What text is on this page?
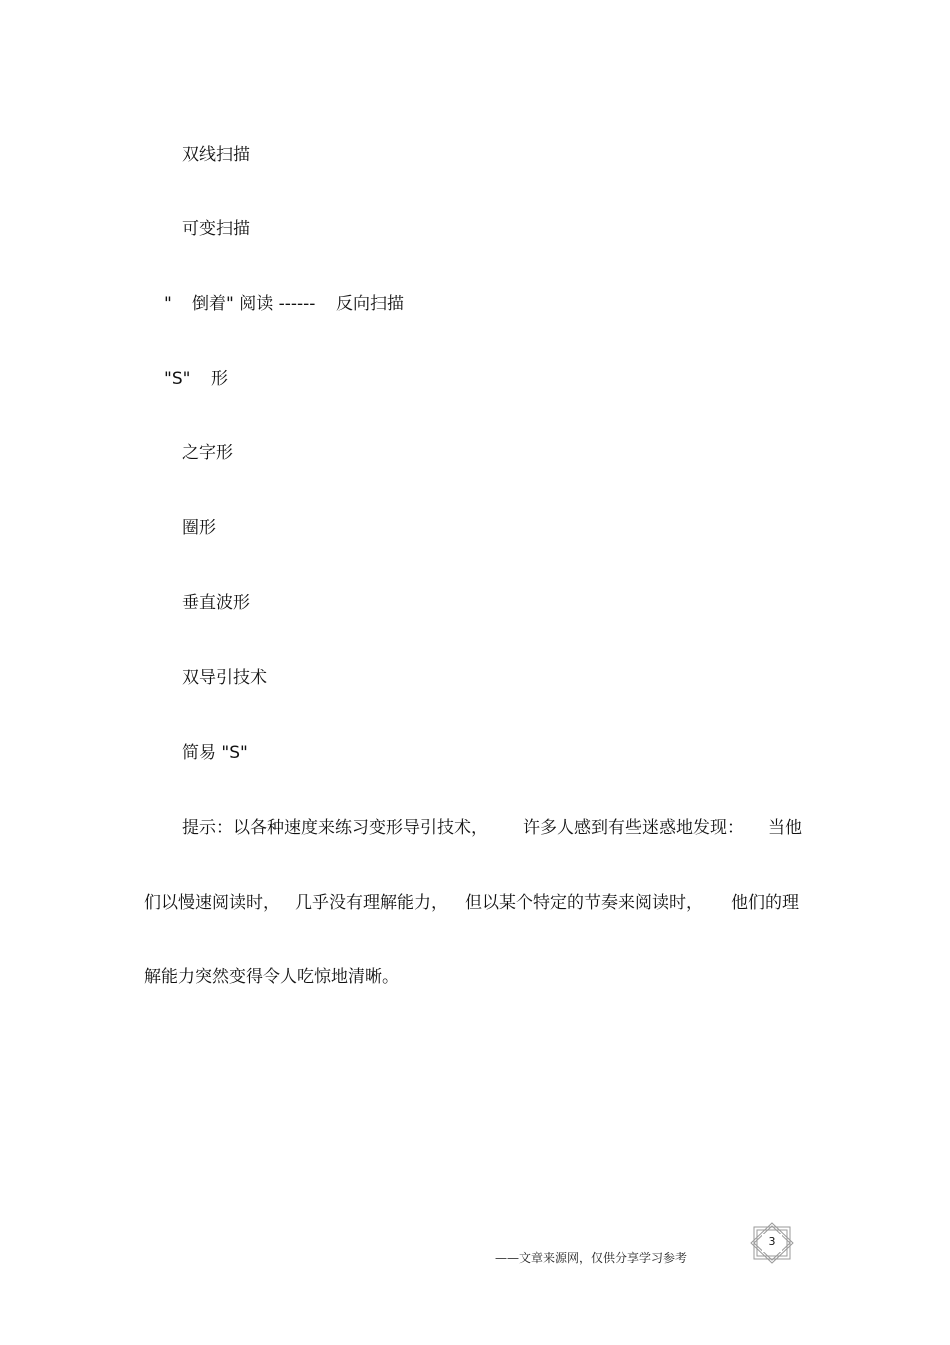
双线扫描
可变扫描
" 倒着" 阅读 ------ 反向扫描
"S" 形
之字形
圈形
垂直波形
双导引技术
简易 "S"
提示：以各种速度来练习变形导引技术， 许多人感到有些迷惑地发现： 当他
们以慢速阅读时， 几乎没有理解能力， 但以某个特定的节奏来阅读时， 他们的理
解能力突然变得令人吃惊地清晰。
——文章来源网，仅供分享学习参考
3
